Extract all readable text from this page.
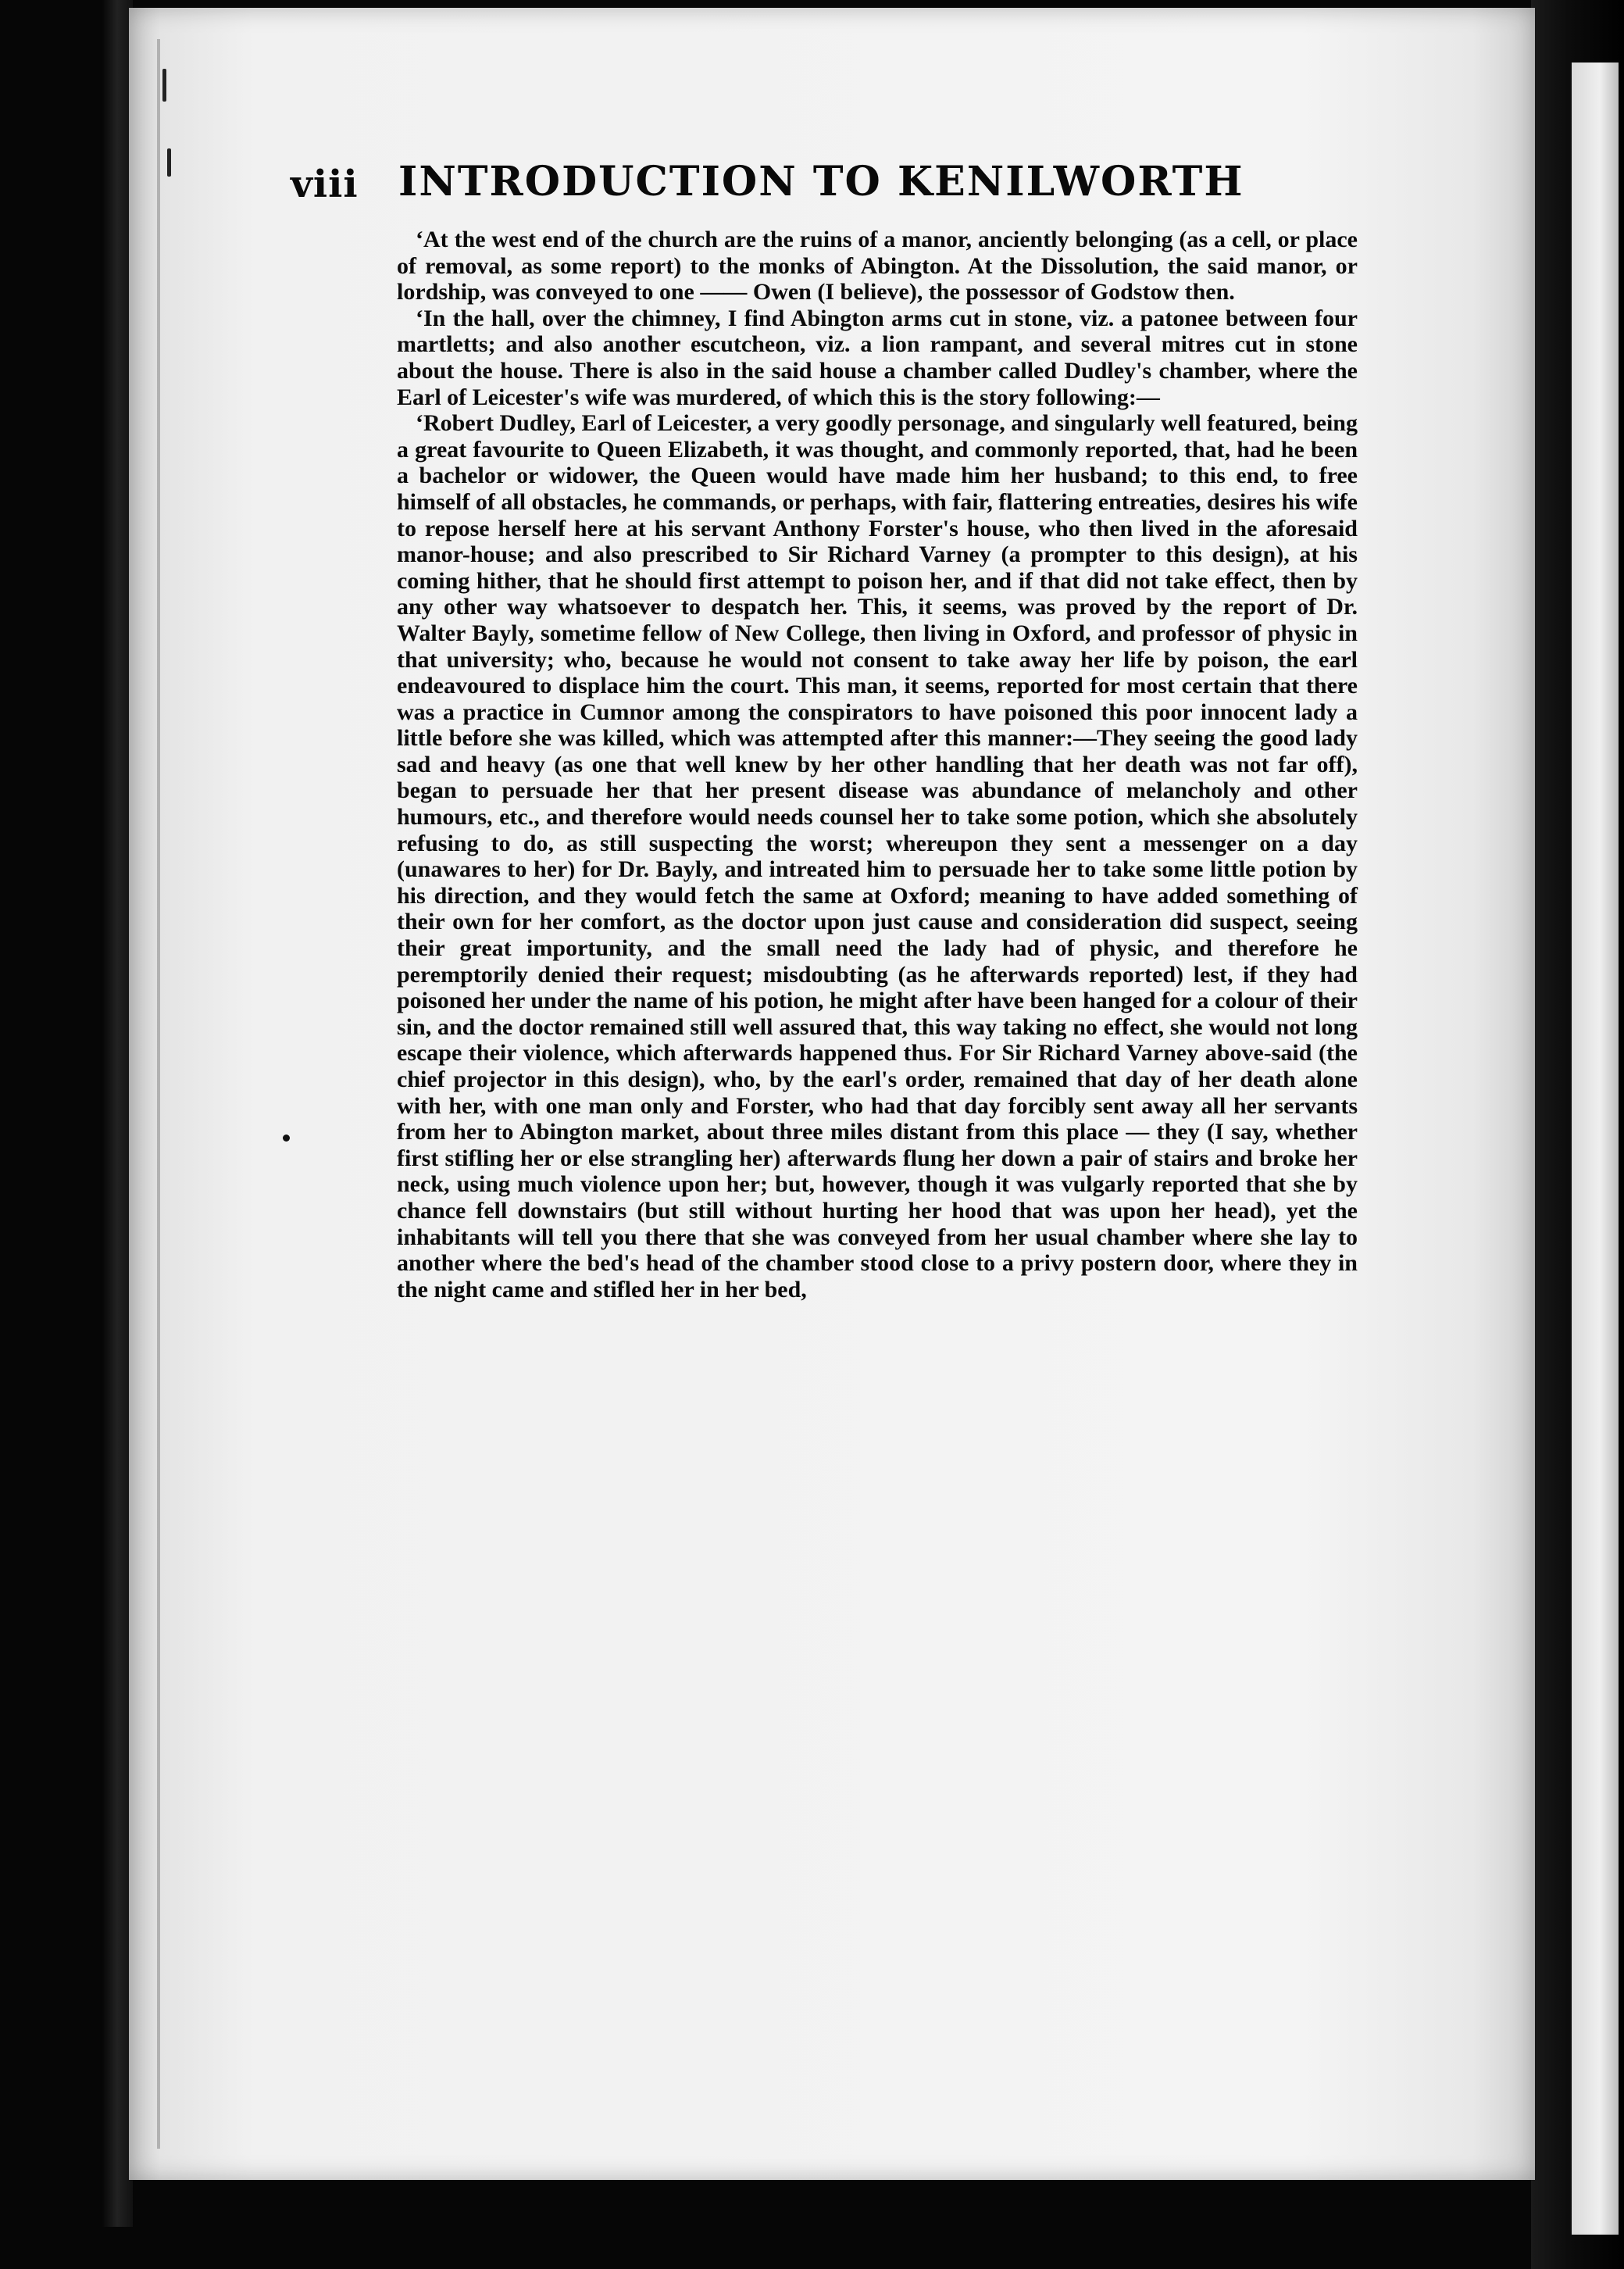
viii INTRODUCTION TO KENILWORTH

‘At the west end of the church are the ruins of a manor, anciently belonging (as a cell, or place of removal, as some report) to the monks of Abington. At the Dissolution, the said manor, or lordship, was conveyed to one —— Owen (I believe), the possessor of Godstow then.

‘In the hall, over the chimney, I find Abington arms cut in stone, viz. a patonee between four martletts; and also another escutcheon, viz. a lion rampant, and several mitres cut in stone about the house. There is also in the said house a chamber called Dudley's chamber, where the Earl of Leicester's wife was murdered, of which this is the story following:—

‘Robert Dudley, Earl of Leicester, a very goodly personage, and singularly well featured, being a great favourite to Queen Elizabeth, it was thought, and commonly reported, that, had he been a bachelor or widower, the Queen would have made him her husband; to this end, to free himself of all obstacles, he commands, or perhaps, with fair, flattering entreaties, desires his wife to repose herself here at his servant Anthony Forster's house, who then lived in the aforesaid manor-house; and also prescribed to Sir Richard Varney (a prompter to this design), at his coming hither, that he should first attempt to poison her, and if that did not take effect, then by any other way whatsoever to despatch her. This, it seems, was proved by the report of Dr. Walter Bayly, sometime fellow of New College, then living in Oxford, and professor of physic in that university; who, because he would not consent to take away her life by poison, the earl endeavoured to displace him the court. This man, it seems, reported for most certain that there was a practice in Cumnor among the conspirators to have poisoned this poor innocent lady a little before she was killed, which was attempted after this manner:—They seeing the good lady sad and heavy (as one that well knew by her other handling that her death was not far off), began to persuade her that her present disease was abundance of melancholy and other humours, etc., and therefore would needs counsel her to take some potion, which she absolutely refusing to do, as still suspecting the worst; whereupon they sent a messenger on a day (unawares to her) for Dr. Bayly, and intreated him to persuade her to take some little potion by his direction, and they would fetch the same at Oxford; meaning to have added something of their own for her comfort, as the doctor upon just cause and consideration did suspect, seeing their great importunity, and the small need the lady had of physic, and therefore he peremptorily denied their request; misdoubting (as he afterwards reported) lest, if they had poisoned her under the name of his potion, he might after have been hanged for a colour of their sin, and the doctor remained still well assured that, this way taking no effect, she would not long escape their violence, which afterwards happened thus. For Sir Richard Varney above-said (the chief projector in this design), who, by the earl's order, remained that day of her death alone with her, with one man only and Forster, who had that day forcibly sent away all her servants from her to Abington market, about three miles distant from this place — they (I say, whether first stifling her or else strangling her) afterwards flung her down a pair of stairs and broke her neck, using much violence upon her; but, however, though it was vulgarly reported that she by chance fell downstairs (but still without hurting her hood that was upon her head), yet the inhabitants will tell you there that she was conveyed from her usual chamber where she lay to another where the bed's head of the chamber stood close to a privy postern door, where they in the night came and stifled her in her bed,
